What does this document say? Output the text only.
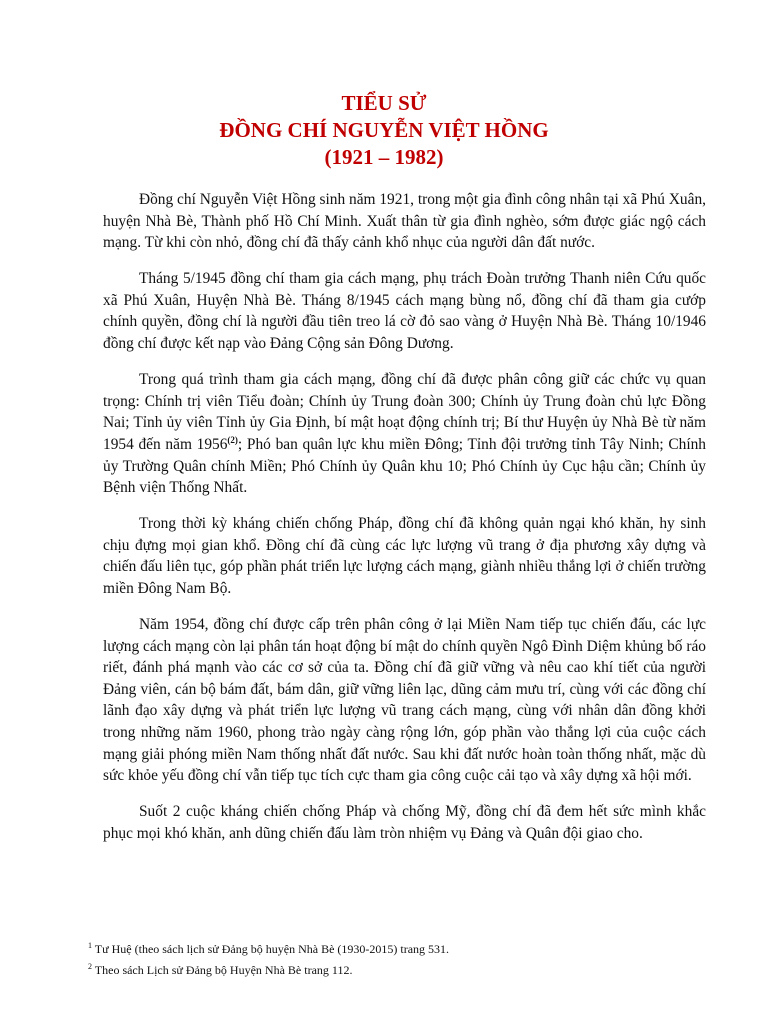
TIỂU SỬ
ĐỒNG CHÍ NGUYỄN VIỆT HỒNG
(1921 – 1982)

Đồng chí Nguyễn Việt Hồng sinh năm 1921, trong một gia đình công nhân tại xã Phú Xuân, huyện Nhà Bè, Thành phố Hồ Chí Minh. Xuất thân từ gia đình nghèo, sớm được giác ngộ cách mạng. Từ khi còn nhỏ, đồng chí đã thấy cảnh khổ nhục của người dân đất nước.

Tháng 5/1945 đồng chí tham gia cách mạng, phụ trách Đoàn trưởng Thanh niên Cứu quốc xã Phú Xuân, Huyện Nhà Bè. Tháng 8/1945 cách mạng bùng nổ, đồng chí đã tham gia cướp chính quyền, đồng chí là người đầu tiên treo lá cờ đỏ sao vàng ở Huyện Nhà Bè. Tháng 10/1946 đồng chí được kết nạp vào Đảng Cộng sản Đông Dương.

Trong quá trình tham gia cách mạng, đồng chí đã được phân công giữ các chức vụ quan trọng: Chính trị viên Tiểu đoàn; Chính ủy Trung đoàn 300; Chính ủy Trung đoàn chủ lực Đồng Nai; Tỉnh ủy viên Tỉnh ủy Gia Định, bí mật hoạt động chính trị; Bí thư Huyện ủy Nhà Bè từ năm 1954 đến năm 1956$^{(2)}$; Phó ban quân lực khu miền Đông; Tỉnh đội trưởng tỉnh Tây Ninh; Chính ủy Trường Quân chính Miền; Phó Chính ủy Quân khu 10; Phó Chính ủy Cục hậu cần; Chính ủy Bệnh viện Thống Nhất.

Trong thời kỳ kháng chiến chống Pháp, đồng chí đã không quản ngại khó khăn, hy sinh chịu đựng mọi gian khổ. Đồng chí đã cùng các lực lượng vũ trang ở địa phương xây dựng và chiến đấu liên tục, góp phần phát triển lực lượng cách mạng, giành nhiều thắng lợi ở chiến trường miền Đông Nam Bộ.

Năm 1954, đồng chí được cấp trên phân công ở lại Miền Nam tiếp tục chiến đấu, các lực lượng cách mạng còn lại phân tán hoạt động bí mật do chính quyền Ngô Đình Diệm khủng bố ráo riết, đánh phá mạnh vào các cơ sở của ta. Đồng chí đã giữ vững và nêu cao khí tiết của người Đảng viên, cán bộ bám đất, bám dân, giữ vững liên lạc, dũng cảm mưu trí, cùng với các đồng chí lãnh đạo xây dựng và phát triển lực lượng vũ trang cách mạng, cùng với nhân dân đồng khởi trong những năm 1960, phong trào ngày càng rộng lớn, góp phần vào thắng lợi của cuộc cách mạng giải phóng miền Nam thống nhất đất nước. Sau khi đất nước hoàn toàn thống nhất, mặc dù sức khỏe yếu đồng chí vẫn tiếp tục tích cực tham gia công cuộc cải tạo và xây dựng xã hội mới.

Suốt 2 cuộc kháng chiến chống Pháp và chống Mỹ, đồng chí đã đem hết sức mình khắc phục mọi khó khăn, anh dũng chiến đấu làm tròn nhiệm vụ Đảng và Quân đội giao cho.

$^1$ Tư Huệ (theo sách lịch sử Đảng bộ huyện Nhà Bè (1930-2015) trang 531.
$^2$ Theo sách Lịch sử Đảng bộ Huyện Nhà Bè trang 112.
